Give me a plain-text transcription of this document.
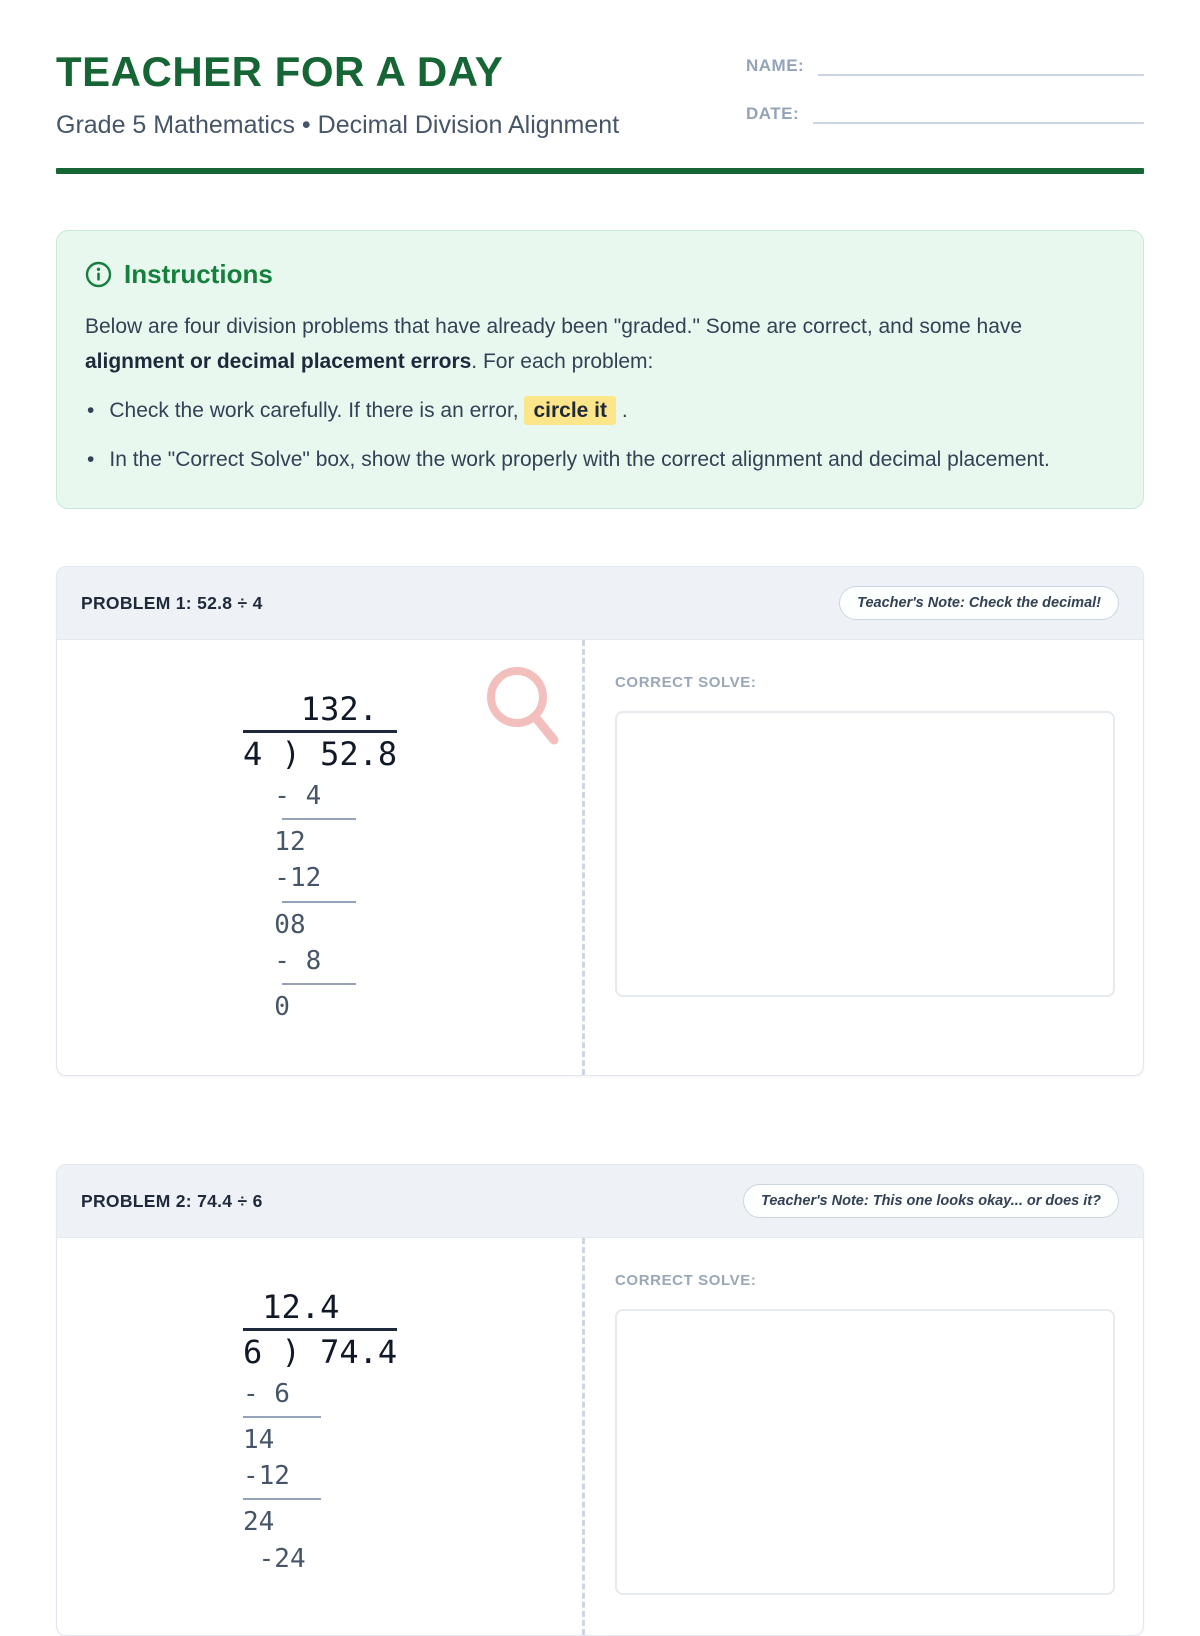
TEACHER FOR A DAY
Grade 5 Mathematics • Decimal Division Alignment
NAME:
DATE:
Instructions

Below are four division problems that have already been "graded." Some are correct, and some have alignment or decimal placement errors. For each problem:

• Check the work carefully. If there is an error, circle it .
• In the "Correct Solve" box, show the work properly with the correct alignment and decimal placement.
PROBLEM 1: 52.8 ÷ 4	Teacher's Note: Check the decimal!
132.
4 ) 52.8
- 4
12
-12
08
- 8
0
CORRECT SOLVE:
PROBLEM 2: 74.4 ÷ 6	Teacher's Note: This one looks okay... or does it?
12.4
6 ) 74.4
- 6
14
-12
24
-24
CORRECT SOLVE:
